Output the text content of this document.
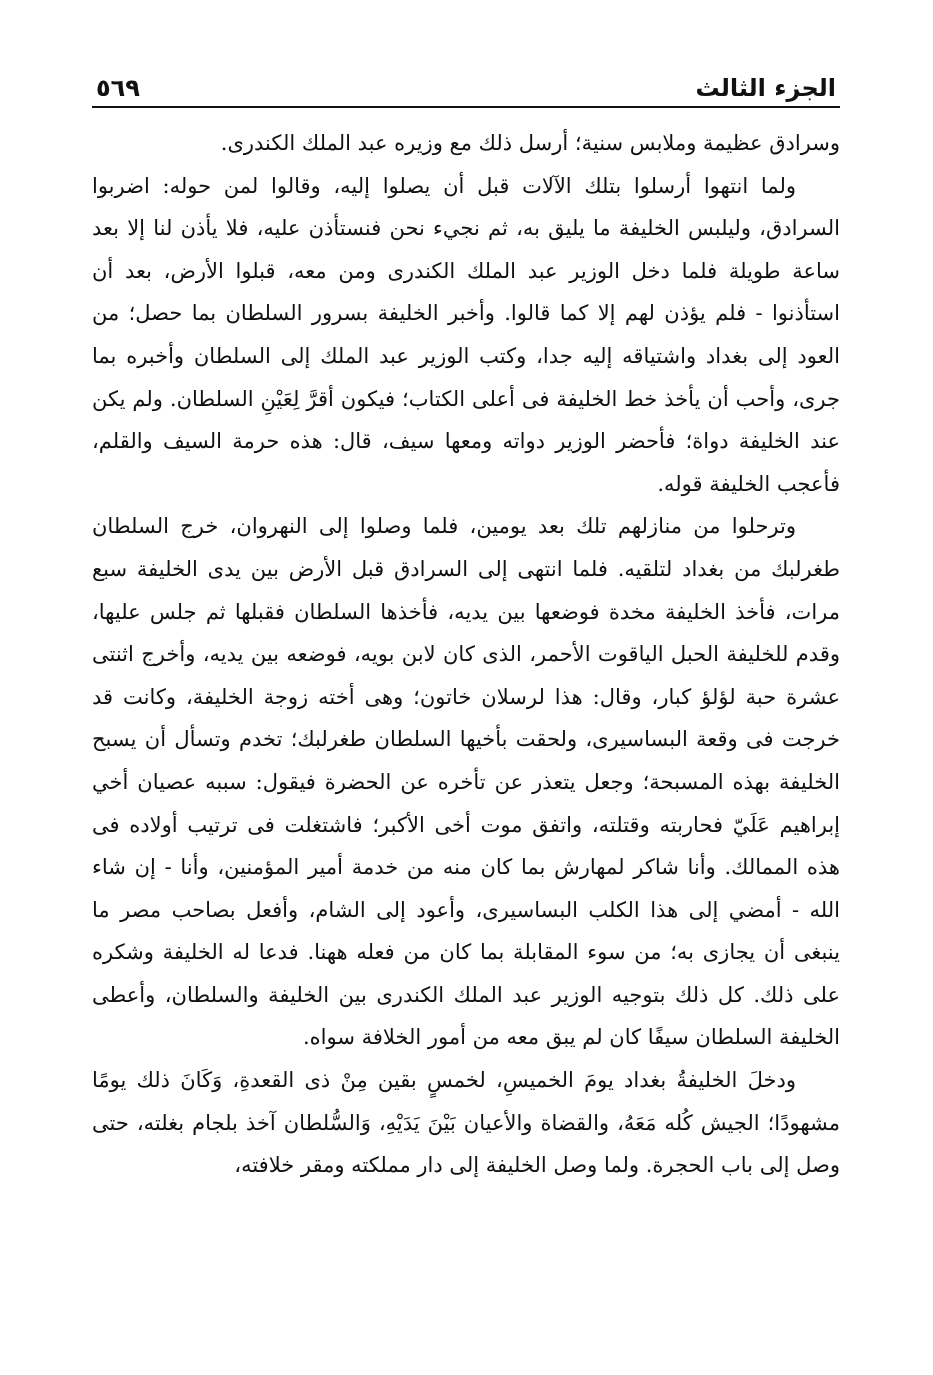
الجزء الثالث
٥٦٩

وسرادق عظيمة وملابس سنية؛ أرسل ذلك مع وزيره عبد الملك الكندرى.

ولما انتهوا أرسلوا بتلك الآلات قبل أن يصلوا إليه، وقالوا لمن حوله: اضربوا السرادق، وليلبس الخليفة ما يليق به، ثم نجيء نحن فنستأذن عليه، فلا يأذن لنا إلا بعد ساعة طويلة فلما دخل الوزير عبد الملك الكندرى ومن معه، قبلوا الأرض، بعد أن استأذنوا - فلم يؤذن لهم إلا كما قالوا. وأخبر الخليفة بسرور السلطان بما حصل؛ من العود إلى بغداد واشتياقه إليه جدا، وكتب الوزير عبد الملك إلى السلطان وأخبره بما جرى، وأحب أن يأخذ خط الخليفة فى أعلى الكتاب؛ فيكون أقرَّ لِعَيْنِ السلطان. ولم يكن عند الخليفة دواة؛ فأحضر الوزير دواته ومعها سيف، قال: هذه حرمة السيف والقلم، فأعجب الخليفة قوله.

وترحلوا من منازلهم تلك بعد يومين، فلما وصلوا إلى النهروان، خرج السلطان طغرلبك من بغداد لتلقيه. فلما انتهى إلى السرادق قبل الأرض بين يدى الخليفة سبع مرات، فأخذ الخليفة مخدة فوضعها بين يديه، فأخذها السلطان فقبلها ثم جلس عليها، وقدم للخليفة الحبل الياقوت الأحمر، الذى كان لابن بويه، فوضعه بين يديه، وأخرج اثنتى عشرة حبة لؤلؤ كبار، وقال: هذا لرسلان خاتون؛ وهى أخته زوجة الخليفة، وكانت قد خرجت فى وقعة البساسيرى، ولحقت بأخيها السلطان طغرلبك؛ تخدم وتسأل أن يسبح الخليفة بهذه المسبحة؛ وجعل يتعذر عن تأخره عن الحضرة فيقول: سببه عصيان أخي إبراهيم عَلَيّ فحاربته وقتلته، واتفق موت أخى الأكبر؛ فاشتغلت فى ترتيب أولاده فى هذه الممالك. وأنا شاكر لمهارش بما كان منه من خدمة أمير المؤمنين، وأنا - إن شاء الله - أمضي إلى هذا الكلب البساسيرى، وأعود إلى الشام، وأفعل بصاحب مصر ما ينبغى أن يجازى به؛ من سوء المقابلة بما كان من فعله ههنا. فدعا له الخليفة وشكره على ذلك. كل ذلك بتوجيه الوزير عبد الملك الكندرى بين الخليفة والسلطان، وأعطى الخليفة السلطان سيفًا كان لم يبق معه من أمور الخلافة سواه.

ودخلَ الخليفةُ بغداد يومَ الخميسِ، لخمسٍ بقين مِنْ ذى القعدةِ، وَكَانَ ذلك يومًا مشهودًا؛ الجيش كُله مَعَهُ، والقضاة والأعيان بَيْنَ يَدَيْهِ، وَالسُّلطان آخذ بلجام بغلته، حتى وصل إلى باب الحجرة. ولما وصل الخليفة إلى دار مملكته ومقر خلافته،
